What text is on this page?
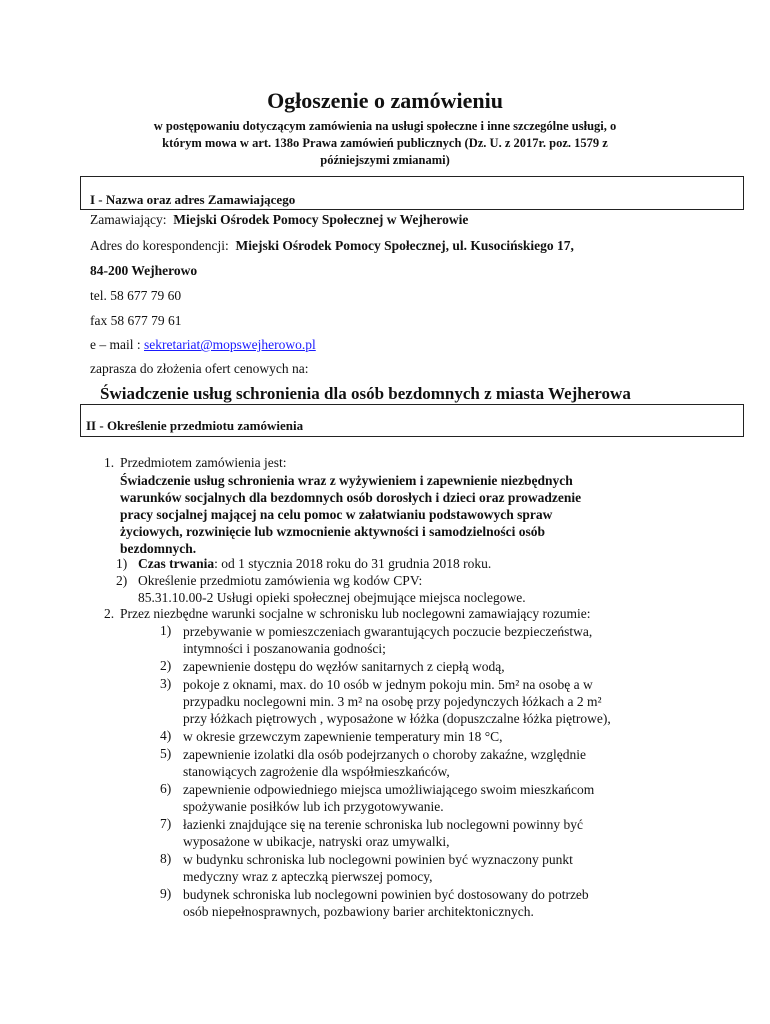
Ogłoszenie o zamówieniu
w postępowaniu dotyczącym zamówienia na usługi społeczne i inne szczególne usługi, o
którym mowa w art. 138o Prawa zamówień publicznych (Dz. U. z 2017r. poz. 1579 z
późniejszymi zmianami)
I - Nazwa oraz adres Zamawiającego
Zamawiający: Miejski Ośrodek Pomocy Społecznej w Wejherowie
Adres do korespondencji: Miejski Ośrodek Pomocy Społecznej, ul. Kusocińskiego 17,
84-200 Wejherowo
tel. 58 677 79 60
fax 58 677 79 61
e – mail : sekretariat@mopswejherowo.pl
zaprasza do złożenia ofert cenowych na:
Świadczenie usług schronienia dla osób bezdomnych z miasta Wejherowa
II - Określenie przedmiotu zamówienia
1. Przedmiotem zamówienia jest:
Świadczenie usług schronienia wraz z wyżywieniem i zapewnienie niezbędnych
warunków socjalnych dla bezdomnych osób dorosłych i dzieci oraz prowadzenie
pracy socjalnej mającej na celu pomoc w załatwianiu podstawowych spraw
życiowych, rozwinięcie lub wzmocnienie aktywności i samodzielności osób
bezdomnych.
1) Czas trwania: od 1 stycznia 2018 roku do 31 grudnia 2018 roku.
2) Określenie przedmiotu zamówienia wg kodów CPV:
85.31.10.00-2 Usługi opieki społecznej obejmujące miejsca noclegowe.
2. Przez niezbędne warunki socjalne w schronisku lub noclegowni zamawiający rozumie:
1) przebywanie w pomieszczeniach gwarantujących poczucie bezpieczeństwa,
intymności i poszanowania godności;
2) zapewnienie dostępu do węzłów sanitarnych z ciepłą wodą,
3) pokoje z oknami, max. do 10 osób w jednym pokoju min. 5m² na osobę a w
przypadku noclegowni min. 3 m² na osobę przy pojedynczych łóżkach a 2 m²
przy łóżkach piętrowych , wyposażone w łóżka (dopuszczalne łóżka piętrowe),
4) w okresie grzewczym zapewnienie temperatury min 18 °C,
5) zapewnienie izolatki dla osób podejrzanych o choroby zakaźne, względnie
stanowiących zagrożenie dla współmieszkańców,
6) zapewnienie odpowiedniego miejsca umożliwiającego swoim mieszkańcom
spożywanie posiłków lub ich przygotowywanie.
7) łazienki znajdujące się na terenie schroniska lub noclegowni powinny być
wyposażone w ubikacje, natryski oraz umywalki,
8) w budynku schroniska lub noclegowni powinien być wyznaczony punkt
medyczny wraz z apteczką pierwszej pomocy,
9) budynek schroniska lub noclegowni powinien być dostosowany do potrzeb
osób niepełnosprawnych, pozbawiony barier architektonicznych.
